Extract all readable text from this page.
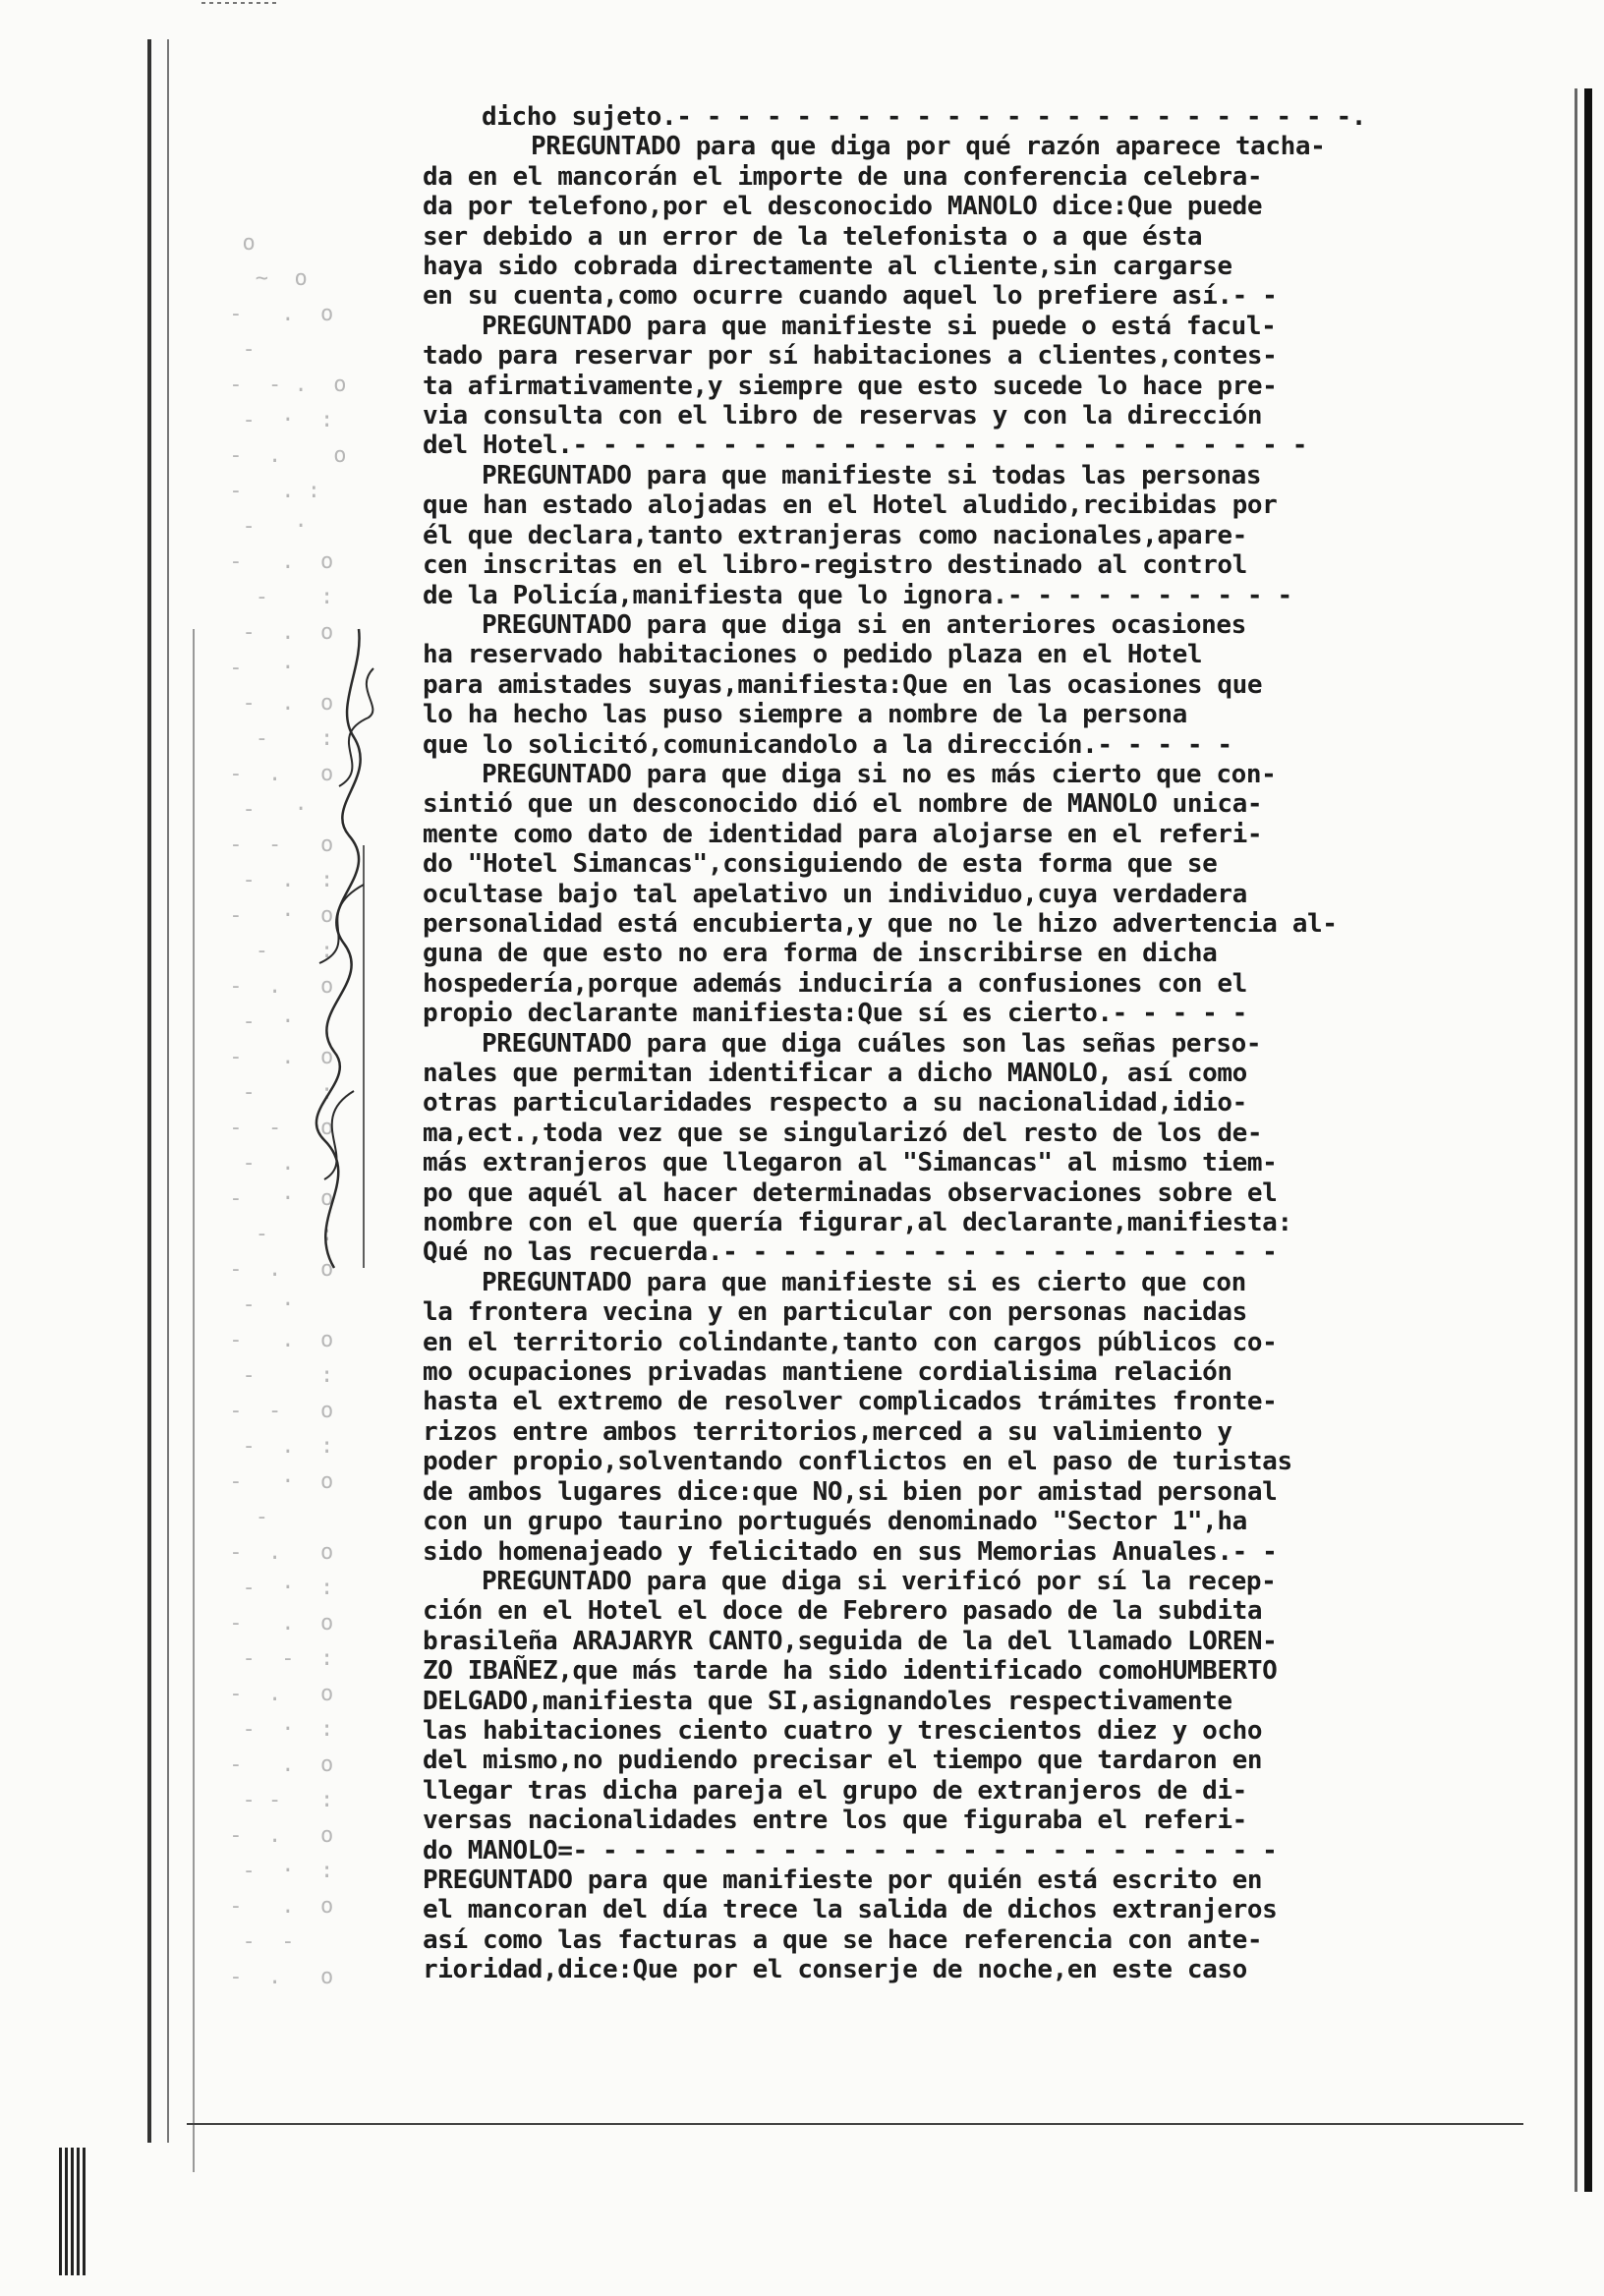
o
~  o
-   .  o
-
-  - .  o
-  ·  :
-  .    o
-   . :
-   ·
-   .  o
-    :
-  .  o
-   ·
-  .  o
-    :
-  .   o
-   ·
-  -   o
-  .  :
-   ·  o
-    :
-  .   o
-  ·
-   .  o
-     :
-  -   o
-  .
-   ·  o
-    :
-  .   o
-  ·
-   .  o
-     :
-  -   o
-  .  :
-   ·  o
-
-  .   o
-  ·  :
-   .  o
-  -  :
-  .   o
-  ·  :
-   .  o
- -   :
-  .   o
-  ·  :
-   .  o
-  -
-  .   o

dicho sujeto.- - - - - - - - - - - - - - - - - - - - - - -.

PREGUNTADO para que diga por qué razón aparece tacha-

da en el mancorán el importe de una conferencia celebra-

da por telefono,por el desconocido MANOLO dice:Que puede

ser debido a un error de la telefonista o a que ésta

haya sido cobrada directamente al cliente,sin cargarse

en su cuenta,como ocurre cuando aquel lo prefiere así.- -

PREGUNTADO para que manifieste si puede o está facul-

tado para reservar por sí habitaciones a clientes,contes-

ta afirmativamente,y siempre que esto sucede lo hace pre-

via consulta con el libro de reservas y con la dirección

del Hotel.- - - - - - - - - - - - - - - - - - - - - - - - -

PREGUNTADO para que manifieste si todas las personas

que han estado alojadas en el Hotel aludido,recibidas por

él que declara,tanto extranjeras como nacionales,apare-

cen inscritas en el libro-registro destinado al control

de la Policía,manifiesta que lo ignora.- - - - - - - - - -

PREGUNTADO para que diga si en anteriores ocasiones

ha reservado habitaciones o pedido plaza en el Hotel

para amistades suyas,manifiesta:Que en las ocasiones que

lo ha hecho las puso siempre a nombre de la persona

que lo solicitó,comunicandolo a la dirección.- - - - -

PREGUNTADO para que diga si no es más cierto que con-

sintió que un desconocido dió el nombre de MANOLO unica-

mente como dato de identidad para alojarse en el referi-

do "Hotel Simancas",consiguiendo de esta forma que se

ocultase bajo tal apelativo un individuo,cuya verdadera

personalidad está encubierta,y que no le hizo advertencia al-

guna de que esto no era forma de inscribirse en dicha

hospedería,porque además induciría a confusiones con el

propio declarante manifiesta:Que sí es cierto.- - - - -

PREGUNTADO para que diga cuáles son las señas perso-

nales que permitan identificar a dicho MANOLO, así como

otras particularidades respecto a su nacionalidad,idio-

ma,ect.,toda vez que se singularizó del resto de los de-

más extranjeros que llegaron al "Simancas" al mismo tiem-

po que aquél al hacer determinadas observaciones sobre el

nombre con el que quería figurar,al declarante,manifiesta:

Qué no las recuerda.- - - - - - - - - - - - - - - - - - -

PREGUNTADO para que manifieste si es cierto que con

la frontera vecina y en particular con personas nacidas

en el territorio colindante,tanto con cargos públicos co-

mo ocupaciones privadas mantiene cordialisima relación

hasta el extremo de resolver complicados trámites fronte-

rizos entre ambos territorios,merced a su valimiento y

poder propio,solventando conflictos en el paso de turistas

de ambos lugares dice:que NO,si bien por amistad personal

con un grupo taurino portugués denominado "Sector 1",ha

sido homenajeado y felicitado en sus Memorias Anuales.- -

PREGUNTADO para que diga si verificó por sí la recep-

ción en el Hotel el doce de Febrero pasado de la subdita

brasileña ARAJARYR CANTO,seguida de la del llamado LOREN-

ZO IBAÑEZ,que más tarde ha sido identificado comoHUMBERTO

DELGADO,manifiesta que SI,asignandoles respectivamente

las habitaciones ciento cuatro y trescientos diez y ocho

del mismo,no pudiendo precisar el tiempo que tardaron en

llegar tras dicha pareja el grupo de extranjeros de di-

versas nacionalidades entre los que figuraba el referi-

do MANOLO=- - - - - - - - - - - - - - - - - - - - - - - -

PREGUNTADO para que manifieste por quién está escrito en

el mancoran del día trece la salida de dichos extranjeros

así como las facturas a que se hace referencia con ante-

rioridad,dice:Que por el conserje de noche,en este caso
